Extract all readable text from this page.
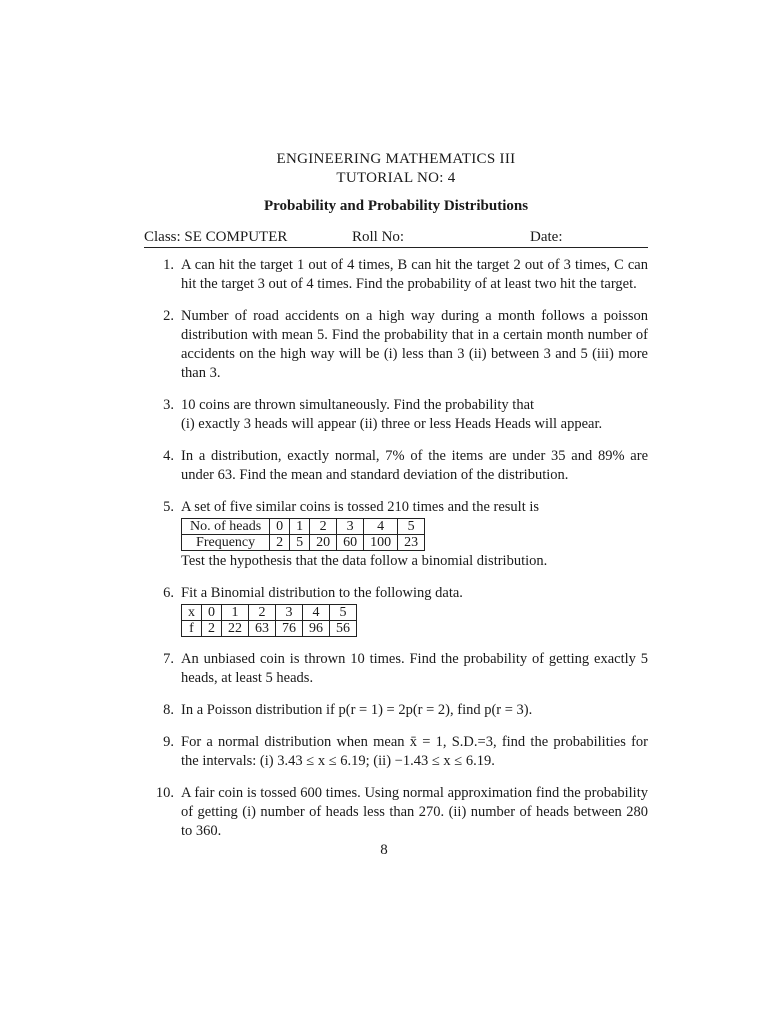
ENGINEERING MATHEMATICS III
TUTORIAL NO: 4
Probability and Probability Distributions
Class: SE COMPUTER	Roll No:	Date:
1. A can hit the target 1 out of 4 times, B can hit the target 2 out of 3 times, C can hit the target 3 out of 4 times. Find the probability of at least two hit the target.
2. Number of road accidents on a high way during a month follows a poisson distribution with mean 5. Find the probability that in a certain month number of accidents on the high way will be (i) less than 3 (ii) between 3 and 5 (iii) more than 3.
3. 10 coins are thrown simultaneously. Find the probability that
(i) exactly 3 heads will appear (ii) three or less Heads Heads will appear.
4. In a distribution, exactly normal, 7% of the items are under 35 and 89% are under 63. Find the mean and standard deviation of the distribution.
5. A set of five similar coins is tossed 210 times and the result is
No. of heads	0	1	2	3	4	5
Frequency	2	5	20	60	100	23
Test the hypothesis that the data follow a binomial distribution.
6. Fit a Binomial distribution to the following data.
x	0	1	2	3	4	5
f	2	22	63	76	96	56
7. An unbiased coin is thrown 10 times. Find the probability of getting exactly 5 heads, at least 5 heads.
8. In a Poisson distribution if p(r = 1) = 2p(r = 2), find p(r = 3).
9. For a normal distribution when mean x̄ = 1, S.D.=3, find the probabilities for the intervals: (i) 3.43 ≤ x ≤ 6.19; (ii) −1.43 ≤ x ≤ 6.19.
10. A fair coin is tossed 600 times. Using normal approximation find the probability of getting (i) number of heads less than 270. (ii) number of heads between 280 to 360.
8
